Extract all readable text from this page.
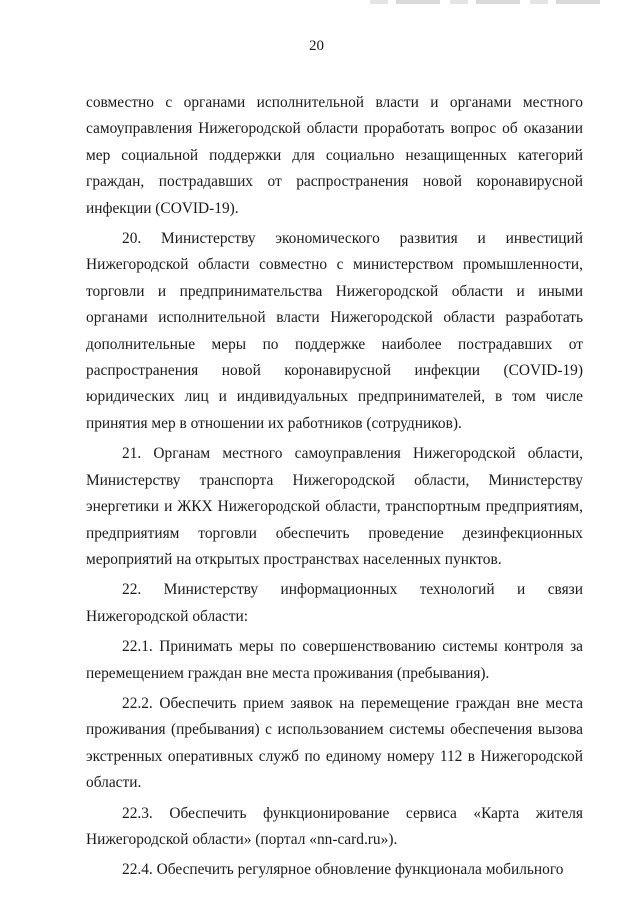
20

совместно с органами исполнительной власти и органами местного самоуправления Нижегородской области проработать вопрос об оказании мер социальной поддержки для социально незащищенных категорий граждан, пострадавших от распространения новой коронавирусной инфекции (COVID-19).

20. Министерству экономического развития и инвестиций Нижегородской области совместно с министерством промышленности, торговли и предпринимательства Нижегородской области и иными органами исполнительной власти Нижегородской области разработать дополнительные меры по поддержке наиболее пострадавших от распространения новой коронавирусной инфекции (COVID-19) юридических лиц и индивидуальных предпринимателей, в том числе принятия мер в отношении их работников (сотрудников).

21. Органам местного самоуправления Нижегородской области, Министерству транспорта Нижегородской области, Министерству энергетики и ЖКХ Нижегородской области, транспортным предприятиям, предприятиям торговли обеспечить проведение дезинфекционных мероприятий на открытых пространствах населенных пунктов.

22. Министерству информационных технологий и связи Нижегородской области:

22.1. Принимать меры по совершенствованию системы контроля за перемещением граждан вне места проживания (пребывания).

22.2. Обеспечить прием заявок на перемещение граждан вне места проживания (пребывания) с использованием системы обеспечения вызова экстренных оперативных служб по единому номеру 112 в Нижегородской области.

22.3. Обеспечить функционирование сервиса «Карта жителя Нижегородской области» (портал «nn-card.ru»).

22.4. Обеспечить регулярное обновление функционала мобильного
